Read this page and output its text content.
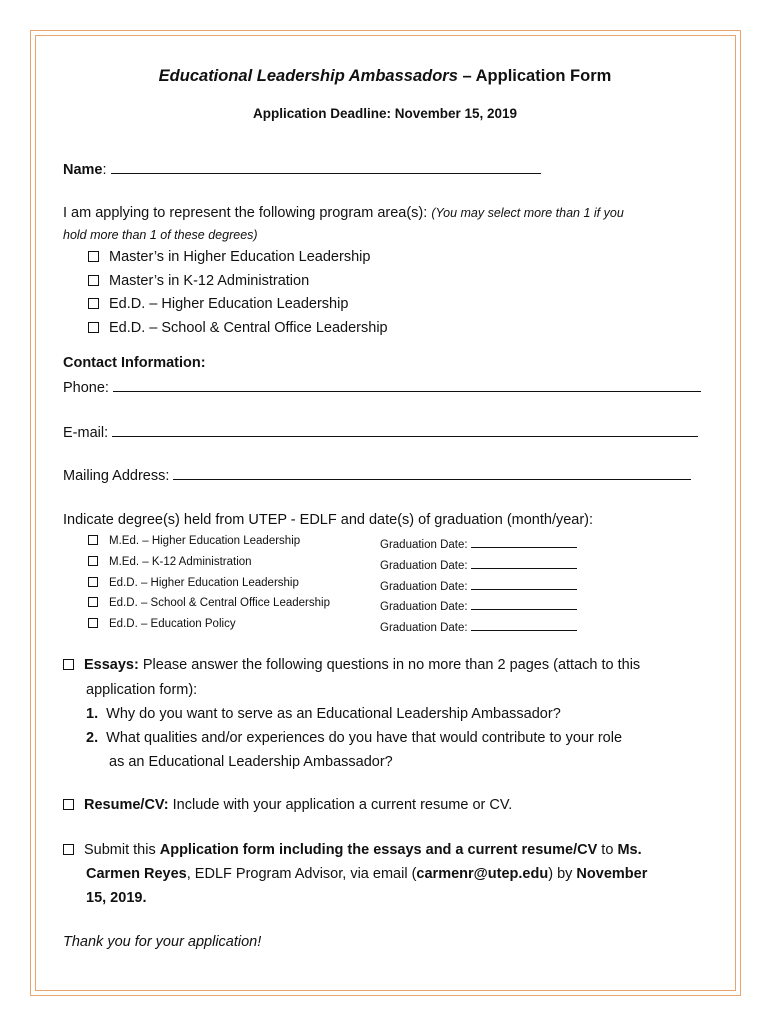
Educational Leadership Ambassadors – Application Form
Application Deadline: November 15, 2019
Name:
I am applying to represent the following program area(s): (You may select more than 1 if you
hold more than 1 of these degrees)
Master’s in Higher Education Leadership
Master’s in K-12 Administration
Ed.D. – Higher Education Leadership
Ed.D. – School & Central Office Leadership
Contact Information:
Phone:
E-mail:
Mailing Address:
Indicate degree(s) held from UTEP - EDLF and date(s) of graduation (month/year):
M.Ed. – Higher Education Leadership	Graduation Date:
M.Ed. – K-12 Administration	Graduation Date:
Ed.D. – Higher Education Leadership	Graduation Date:
Ed.D. – School & Central Office Leadership	Graduation Date:
Ed.D. – Education Policy	Graduation Date:
Essays: Please answer the following questions in no more than 2 pages (attach to this
application form):
1. Why do you want to serve as an Educational Leadership Ambassador?
2. What qualities and/or experiences do you have that would contribute to your role
as an Educational Leadership Ambassador?
Resume/CV: Include with your application a current resume or CV.
Submit this Application form including the essays and a current resume/CV to Ms.
Carmen Reyes, EDLF Program Advisor, via email (carmenr@utep.edu) by November
15, 2019.
Thank you for your application!
